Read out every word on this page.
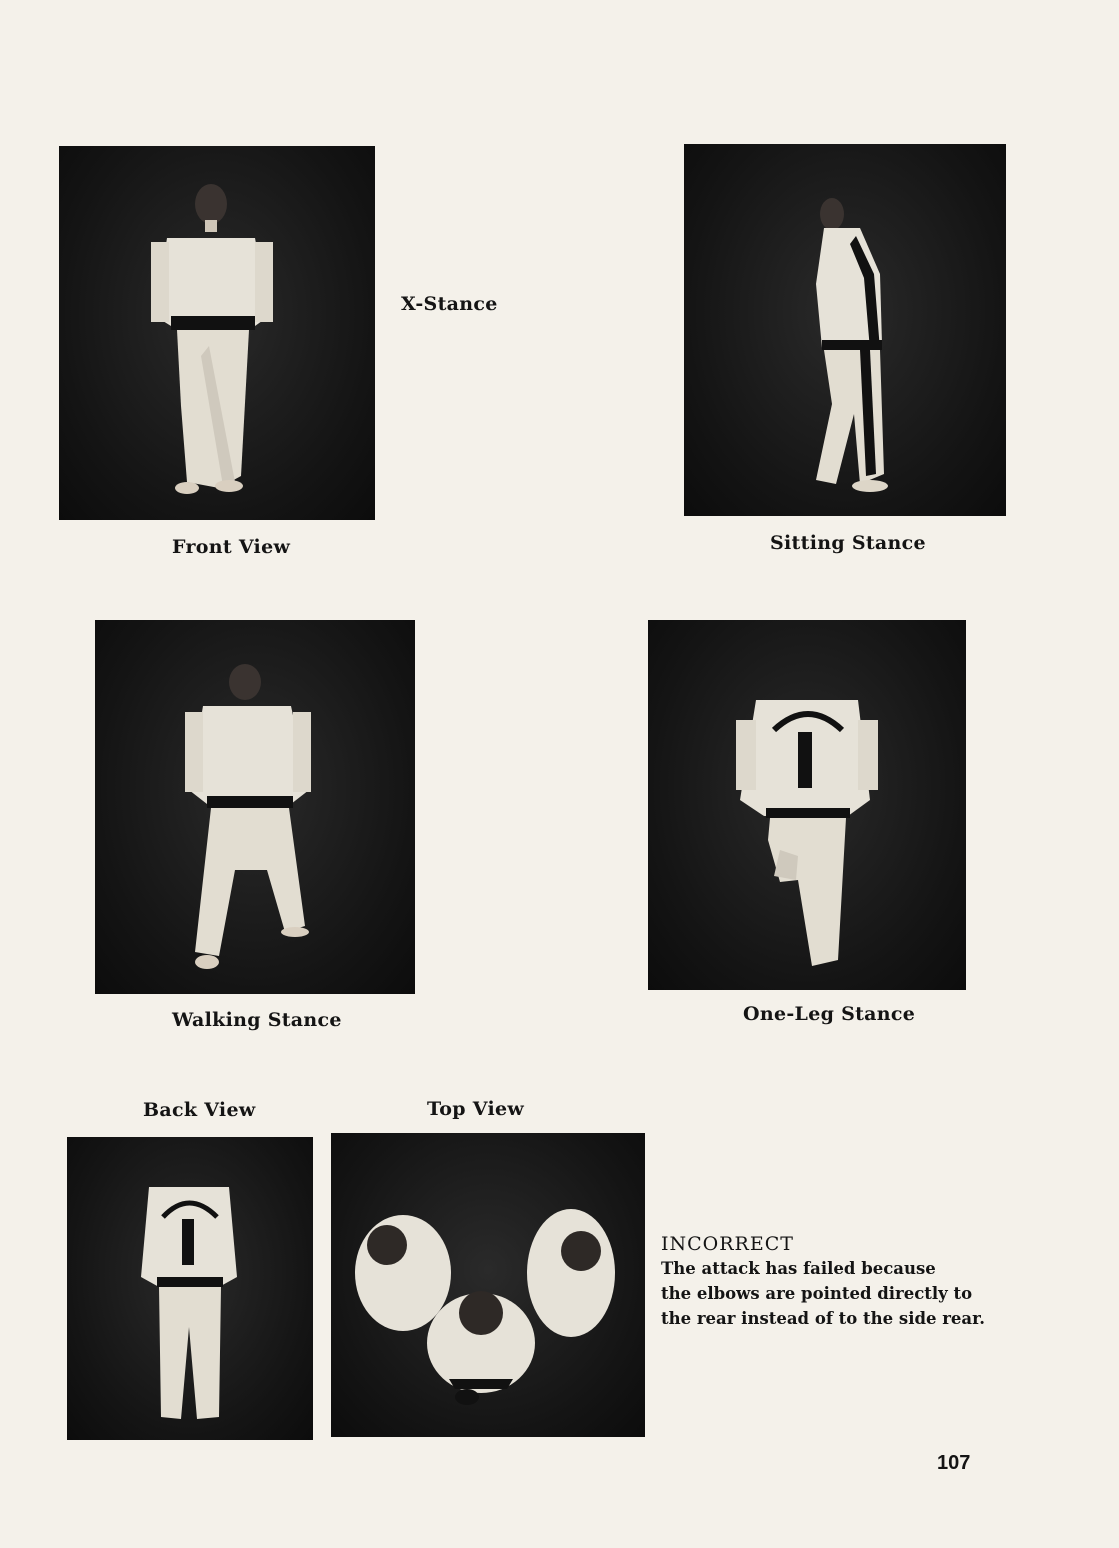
X-Stance
Front View	Sitting Stance
Walking Stance	One-Leg Stance
Back View	Top View
INCORRECT
The attack has failed because
the elbows are pointed directly to
the rear instead of to the side rear.
107
